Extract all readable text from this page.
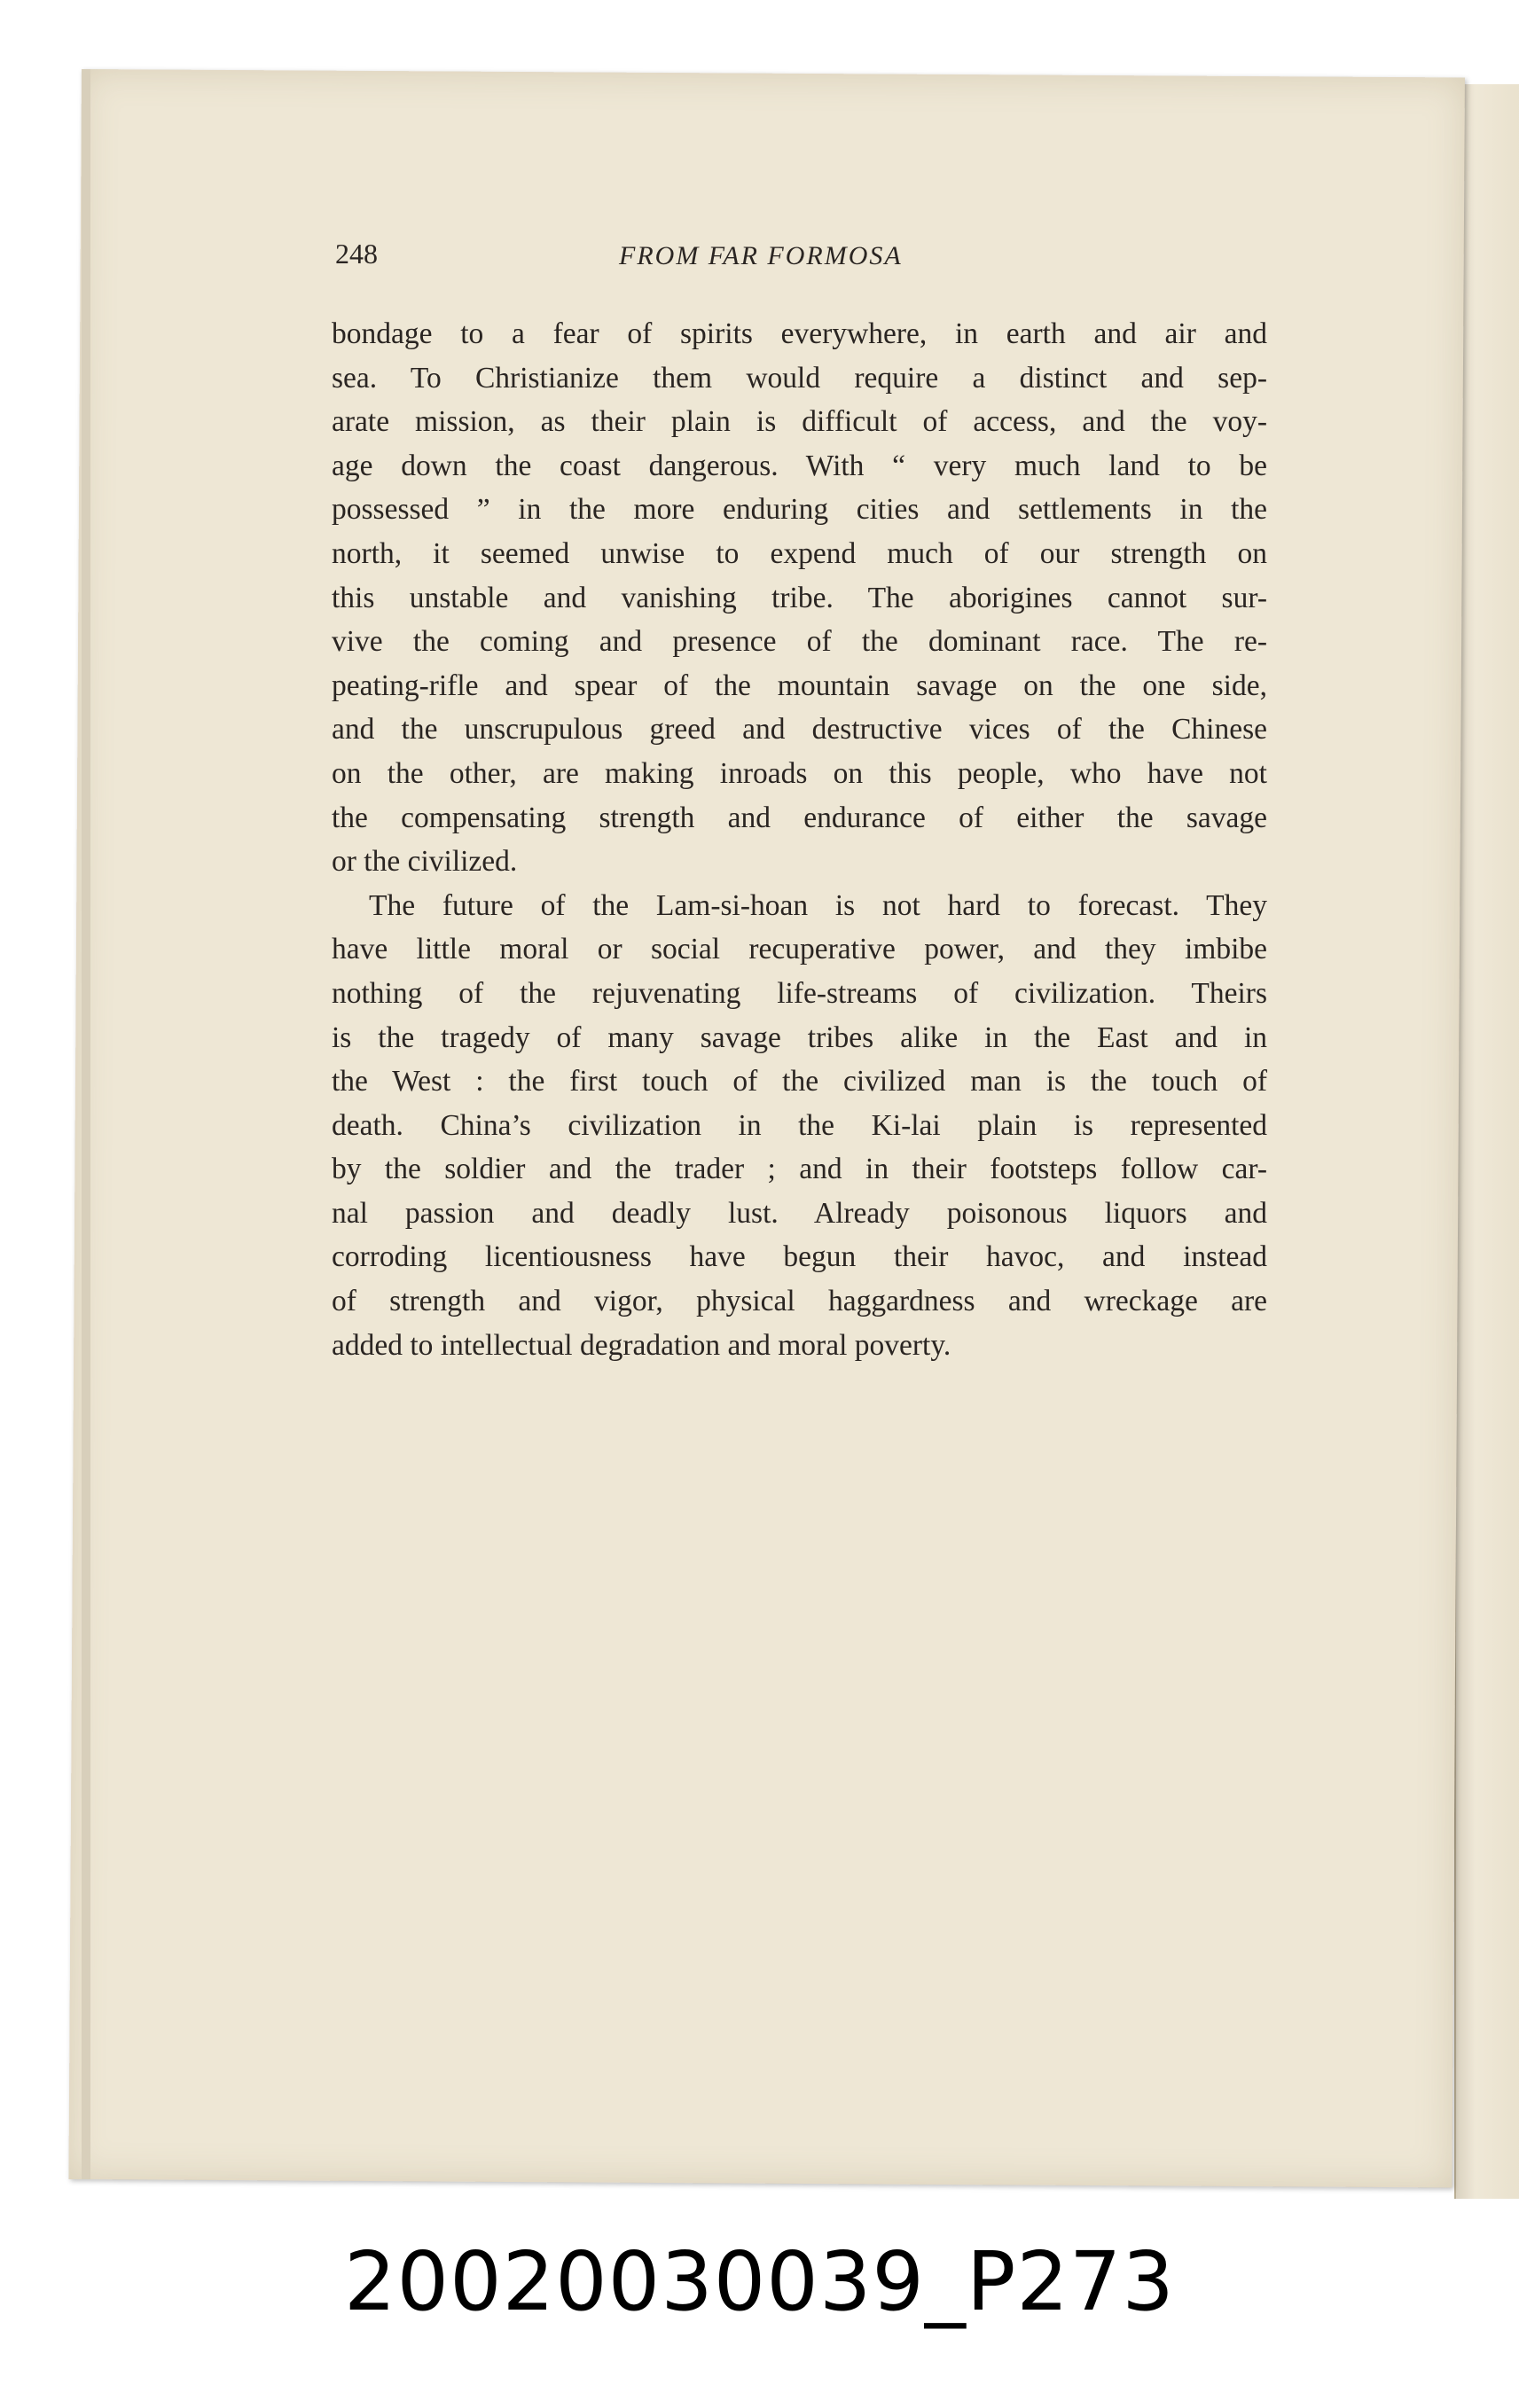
248	FROM FAR FORMOSA
bondage to a fear of spirits everywhere, in earth and air and
sea. To Christianize them would require a distinct and sep-
arate mission, as their plain is difficult of access, and the voy-
age down the coast dangerous. With “ very much land to be
possessed ” in the more enduring cities and settlements in the
north, it seemed unwise to expend much of our strength on
this unstable and vanishing tribe. The aborigines cannot sur-
vive the coming and presence of the dominant race. The re-
peating-rifle and spear of the mountain savage on the one side,
and the unscrupulous greed and destructive vices of the Chinese
on the other, are making inroads on this people, who have not
the compensating strength and endurance of either the savage
or the civilized.
The future of the Lam-si-hoan is not hard to forecast. They
have little moral or social recuperative power, and they imbibe
nothing of the rejuvenating life-streams of civilization. Theirs
is the tragedy of many savage tribes alike in the East and in
the West : the first touch of the civilized man is the touch of
death. China’s civilization in the Ki-lai plain is represented
by the soldier and the trader ; and in their footsteps follow car-
nal passion and deadly lust. Already poisonous liquors and
corroding licentiousness have begun their havoc, and instead
of strength and vigor, physical haggardness and wreckage are
added to intellectual degradation and moral poverty.
20020030039_P273
